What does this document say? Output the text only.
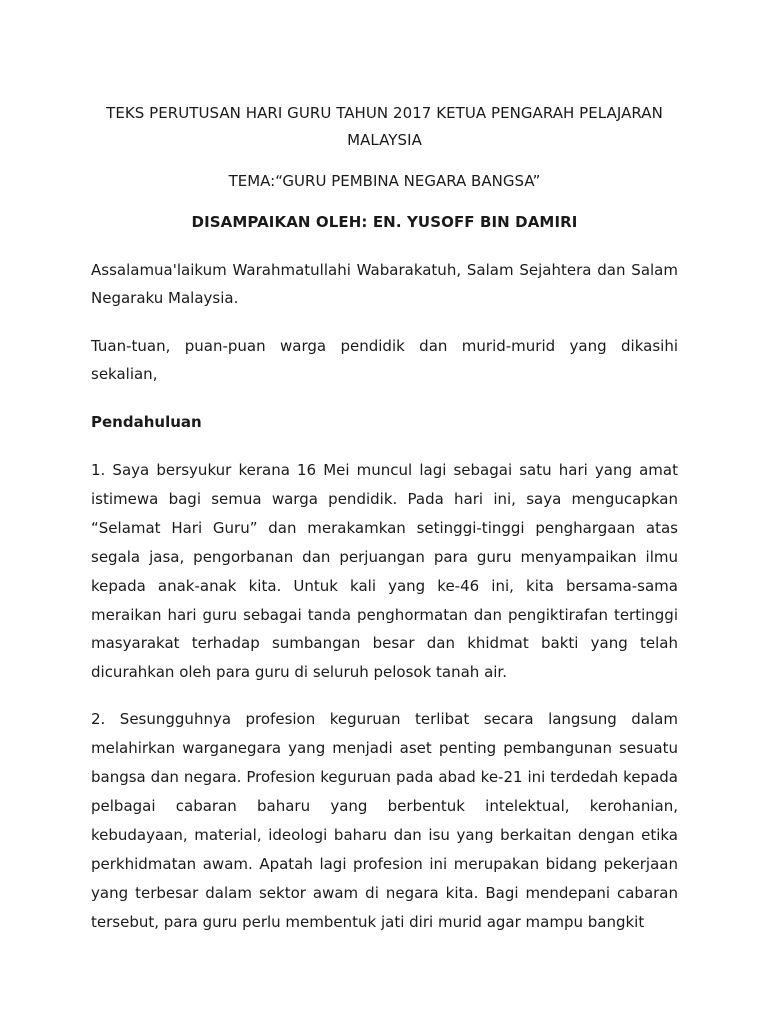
TEKS PERUTUSAN HARI GURU TAHUN 2017 KETUA PENGARAH PELAJARAN MALAYSIA
TEMA:“GURU PEMBINA NEGARA BANGSA”
DISAMPAIKAN OLEH: EN. YUSOFF BIN DAMIRI

Assalamua'laikum Warahmatullahi Wabarakatuh, Salam Sejahtera dan Salam Negaraku Malaysia.

Tuan-tuan, puan-puan warga pendidik dan murid-murid yang dikasihi sekalian,

Pendahuluan

1. Saya bersyukur kerana 16 Mei muncul lagi sebagai satu hari yang amat istimewa bagi semua warga pendidik. Pada hari ini, saya mengucapkan “Selamat Hari Guru” dan merakamkan setinggi-tinggi penghargaan atas segala jasa, pengorbanan dan perjuangan para guru menyampaikan ilmu kepada anak-anak kita. Untuk kali yang ke-46 ini, kita bersama-sama meraikan hari guru sebagai tanda penghormatan dan pengiktirafan tertinggi masyarakat terhadap sumbangan besar dan khidmat bakti yang telah dicurahkan oleh para guru di seluruh pelosok tanah air.

2. Sesungguhnya profesion keguruan terlibat secara langsung dalam melahirkan warganegara yang menjadi aset penting pembangunan sesuatu bangsa dan negara. Profesion keguruan pada abad ke-21 ini terdedah kepada pelbagai cabaran baharu yang berbentuk intelektual, kerohanian, kebudayaan, material, ideologi baharu dan isu yang berkaitan dengan etika perkhidmatan awam. Apatah lagi profesion ini merupakan bidang pekerjaan yang terbesar dalam sektor awam di negara kita. Bagi mendepani cabaran tersebut, para guru perlu membentuk jati diri murid agar mampu bangkit
